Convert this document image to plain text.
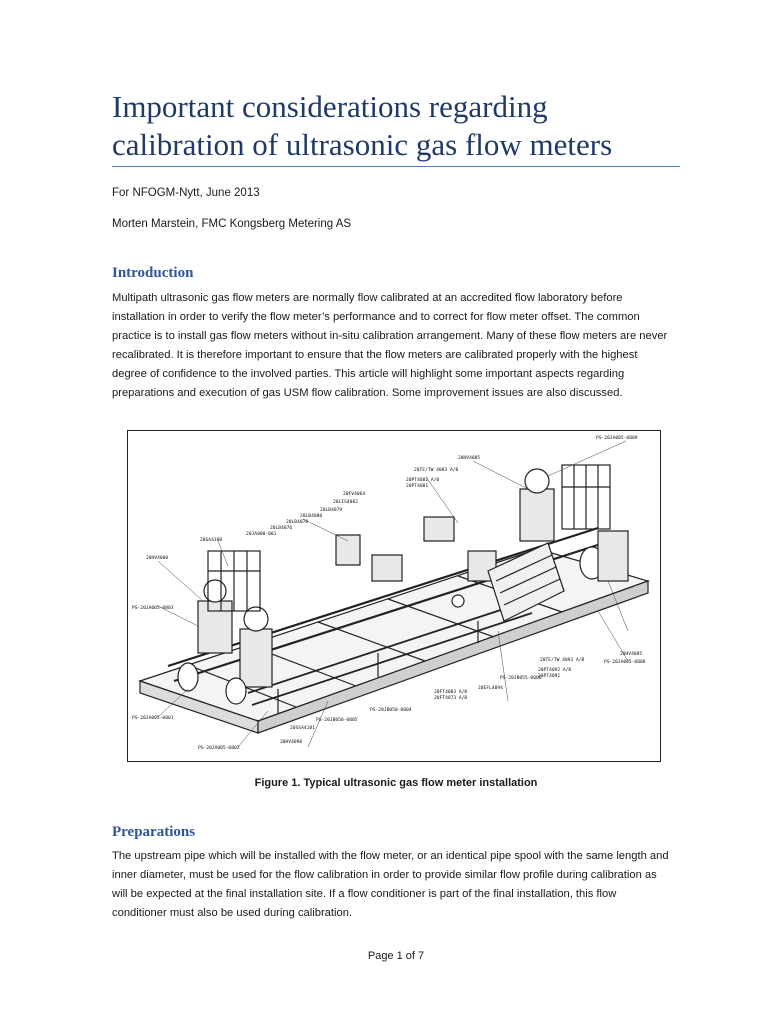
Important considerations regarding calibration of ultrasonic gas flow meters

For NFOGM-Nytt, June 2013

Morten Marstein, FMC Kongsberg Metering AS

Introduction

Multipath ultrasonic gas flow meters are normally flow calibrated at an accredited flow laboratory before installation in order to verify the flow meter’s performance and to correct for flow meter offset. The common practice is to install gas flow meters without in-situ calibration arrangement. Many of these flow meters are never recalibrated. It is therefore important to ensure that the flow meters are calibrated properly with the highest degree of confidence to the involved parties. This article will highlight some important aspects regarding preparations and execution of gas USM flow calibration. Some improvement issues are also discussed.

PS-20JA005-0809
20HV4085
20TE/TW 4083 A/B
20PT4082 A/B
20PT4081
20FV4064
20LIS4082
20LB4079
20LB4080
20LB4078
20LB4076
20JA000-001
20SA4180
20HV4080
PS-20JA005-0803
PS-20JA005-0801
PS-20JA005-0802
20HV4090
20SSA4181
PS-20JB050-0005
PS-20JB050-0004
20FT4083 A/B
20FT4073 A/B
20EFL4094
PS-20JB055-0006
20PT4092 A/B
20PT4091
20TE/TW 4093 A/B	PS-20JA005-0808
20HV4095

Figure 1. Typical ultrasonic gas flow meter installation

Preparations

The upstream pipe which will be installed with the flow meter, or an identical pipe spool with the same length and inner diameter, must be used for the flow calibration in order to provide similar flow profile during calibration as will be expected at the final installation site. If a flow conditioner is part of the final installation, this flow conditioner must also be used during calibration.

Page 1 of 7
